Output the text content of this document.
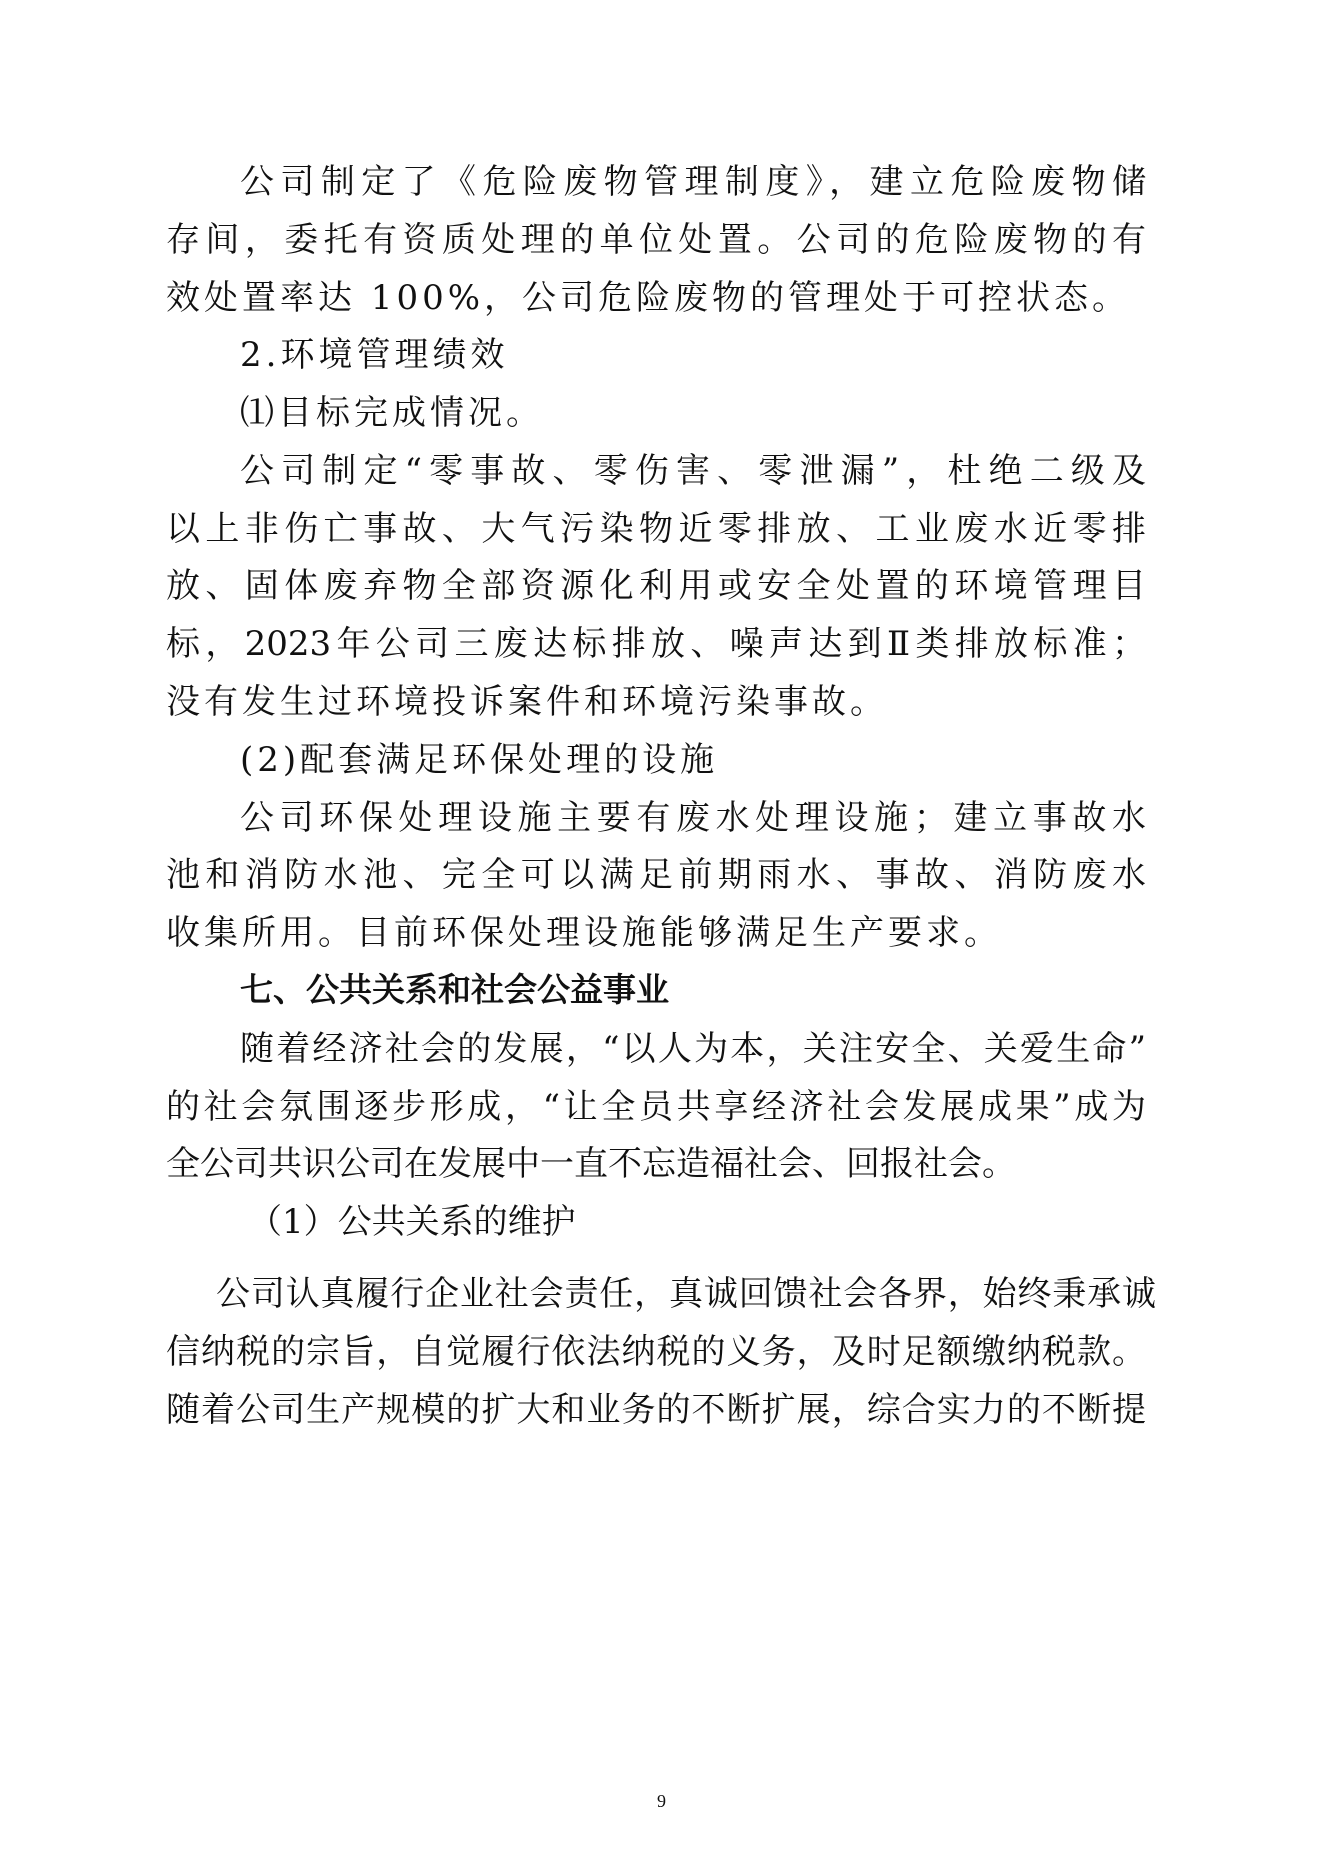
公司制定了《危险废物管理制度》，建立危险废物储
存间，委托有资质处理的单位处置。公司的危险废物的有
效处置率达 100%，公司危险废物的管理处于可控状态。
2.环境管理绩效
⑴目标完成情况。
公司制定“零事故、零伤害、零泄漏”，杜绝二级及
以上非伤亡事故、大气污染物近零排放、工业废水近零排
放、固体废弃物全部资源化利用或安全处置的环境管理目
标，2023年公司三废达标排放、噪声达到Ⅱ类排放标准；
没有发生过环境投诉案件和环境污染事故。
(2)配套满足环保处理的设施
公司环保处理设施主要有废水处理设施；建立事故水
池和消防水池、完全可以满足前期雨水、事故、消防废水
收集所用。目前环保处理设施能够满足生产要求。
七、公共关系和社会公益事业
随着经济社会的发展，“以人为本，关注安全、关爱生命”
的社会氛围逐步形成，“让全员共享经济社会发展成果”成为
全公司共识公司在发展中一直不忘造福社会、回报社会。
（1）公共关系的维护
公司认真履行企业社会责任，真诚回馈社会各界，始终秉承诚
信纳税的宗旨，自觉履行依法纳税的义务，及时足额缴纳税款。
随着公司生产规模的扩大和业务的不断扩展，综合实力的不断提
9
